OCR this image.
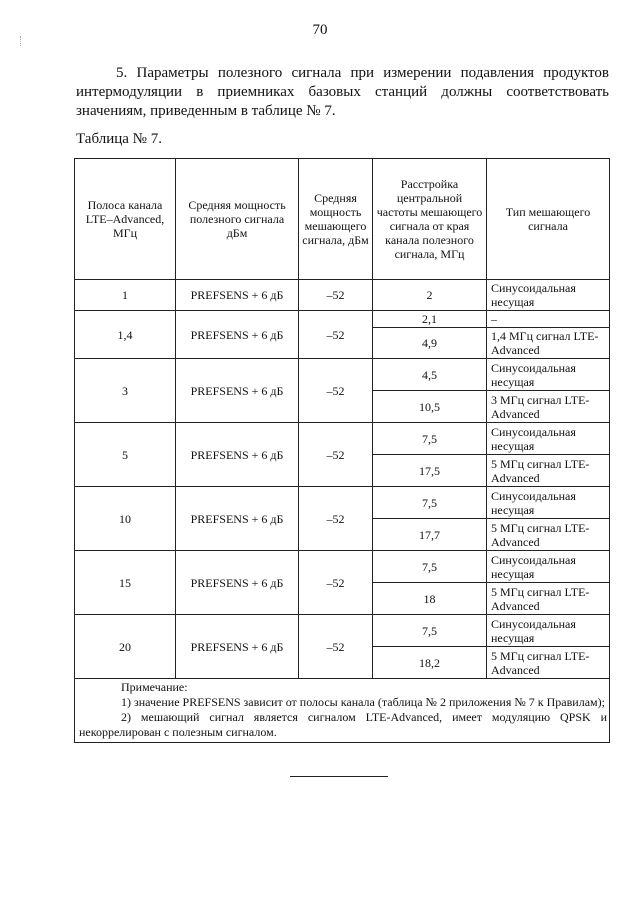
70

5. Параметры полезного сигнала при измерении подавления продуктов интермодуляции в приемниках базовых станций должны соответствовать значениям, приведенным в таблице № 7.

Таблица № 7.
Полоса канала LTE–Advanced, МГц	Средняя мощность полезного сигнала дБм	Средняя мощность мешающего сигнала, дБм	Расстройка центральной частоты мешающего сигнала от края канала полезного сигнала, МГц	Тип мешающего сигнала
1	PREFSENS + 6 дБ	–52	2	Синусоидальная несущая
1,4	PREFSENS + 6 дБ	–52	2,1	–
			4,9	1,4 МГц сигнал LTE-Advanced
3	PREFSENS + 6 дБ	–52	4,5	Синусоидальная несущая
			10,5	3 МГц сигнал LTE-Advanced
5	PREFSENS + 6 дБ	–52	7,5	Синусоидальная несущая
			17,5	5 МГц сигнал LTE-Advanced
10	PREFSENS + 6 дБ	–52	7,5	Синусоидальная несущая
			17,7	5 МГц сигнал LTE-Advanced
15	PREFSENS + 6 дБ	–52	7,5	Синусоидальная несущая
			18	5 МГц сигнал LTE-Advanced
20	PREFSENS + 6 дБ	–52	7,5	Синусоидальная несущая
			18,2	5 МГц сигнал LTE-Advanced

Примечание:
1) значение PREFSENS зависит от полосы канала (таблица № 2 приложения № 7 к Правилам);
2) мешающий сигнал является сигналом LTE-Advanced, имеет модуляцию QPSK и некоррелирован с полезным сигналом.				
